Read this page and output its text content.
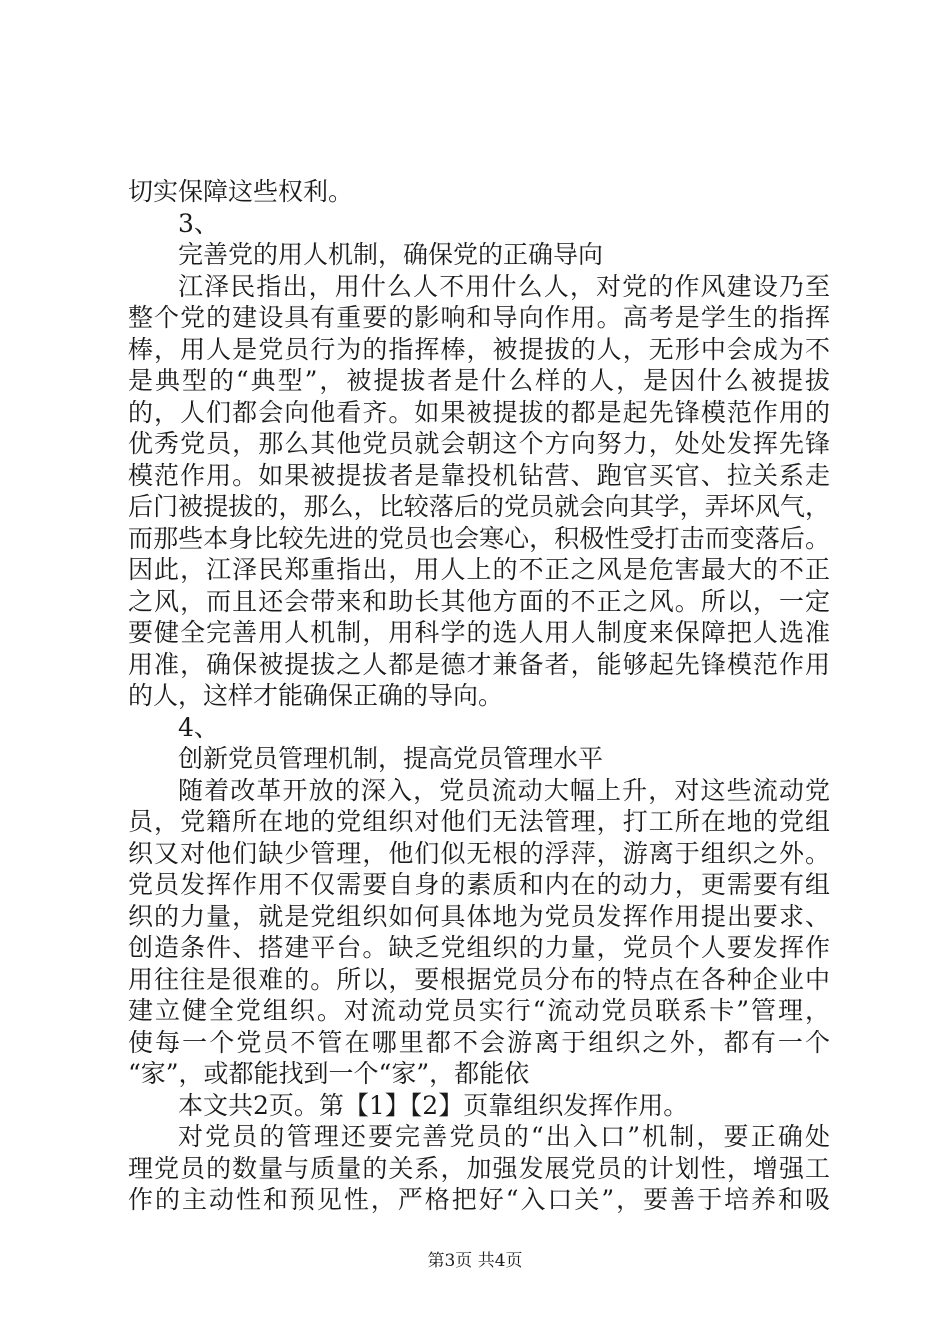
切实保障这些权利。
3、
完善党的用人机制，确保党的正确导向
江泽民指出，用什么人不用什么人，对党的作风建设乃至
整个党的建设具有重要的影响和导向作用。高考是学生的指挥
棒，用人是党员行为的指挥棒，被提拔的人，无形中会成为不
是典型的“典型”，被提拔者是什么样的人，是因什么被提拔
的，人们都会向他看齐。如果被提拔的都是起先锋模范作用的
优秀党员，那么其他党员就会朝这个方向努力，处处发挥先锋
模范作用。如果被提拔者是靠投机钻营、跑官买官、拉关系走
后门被提拔的，那么，比较落后的党员就会向其学，弄坏风气，
而那些本身比较先进的党员也会寒心，积极性受打击而变落后。
因此，江泽民郑重指出，用人上的不正之风是危害最大的不正
之风，而且还会带来和助长其他方面的不正之风。所以，一定
要健全完善用人机制，用科学的选人用人制度来保障把人选准
用准，确保被提拔之人都是德才兼备者，能够起先锋模范作用
的人，这样才能确保正确的导向。
4、
创新党员管理机制，提高党员管理水平
随着改革开放的深入，党员流动大幅上升，对这些流动党
员，党籍所在地的党组织对他们无法管理，打工所在地的党组
织又对他们缺少管理，他们似无根的浮萍，游离于组织之外。
党员发挥作用不仅需要自身的素质和内在的动力，更需要有组
织的力量，就是党组织如何具体地为党员发挥作用提出要求、
创造条件、搭建平台。缺乏党组织的力量，党员个人要发挥作
用往往是很难的。所以，要根据党员分布的特点在各种企业中
建立健全党组织。对流动党员实行“流动党员联系卡”管理，
使每一个党员不管在哪里都不会游离于组织之外，都有一个
“家”，或都能找到一个“家”，都能依
本文共2页。第【1】【2】页靠组织发挥作用。
对党员的管理还要完善党员的“出入口”机制，要正确处
理党员的数量与质量的关系，加强发展党员的计划性，增强工
作的主动性和预见性，严格把好“入口关”，要善于培养和吸
第3页 共4页
